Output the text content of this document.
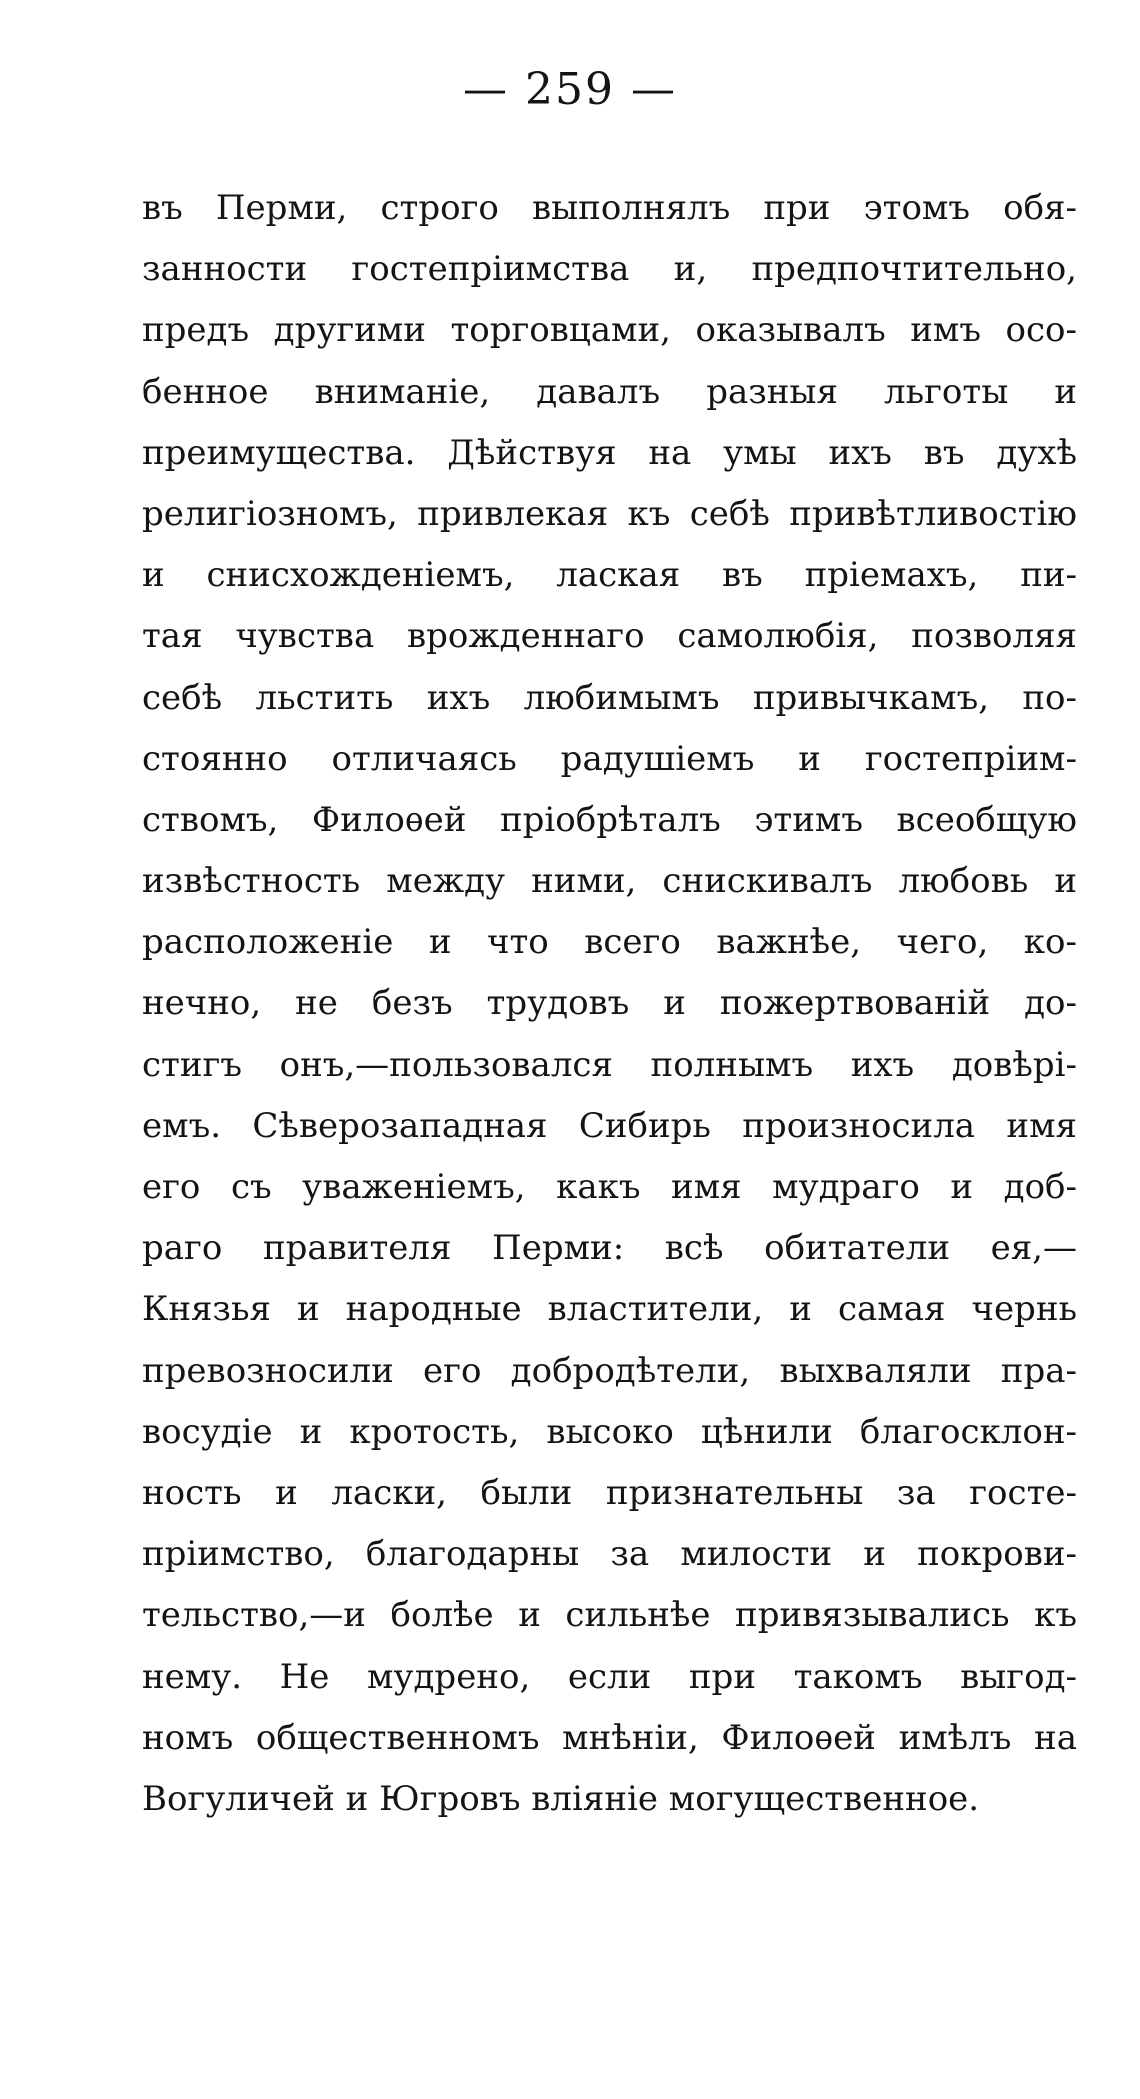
— 259 —
въ Перми, строго выполнялъ при этомъ обя-
занности гостепріимства и, предпочтительно,
предъ другими торговцами, оказывалъ имъ осо-
бенное вниманіе, давалъ разныя льготы и
преимущества. Дѣйствуя на умы ихъ въ духѣ
религіозномъ, привлекая къ себѣ привѣтливостію
и снисхожденіемъ, лаская въ пріемахъ, пи-
тая чувства врожденнаго самолюбія, позволяя
себѣ льстить ихъ любимымъ привычкамъ, по-
стоянно отличаясь радушіемъ и гостепріим-
ствомъ, Филоѳей пріобрѣталъ этимъ всеобщую
извѣстность между ними, снискивалъ любовь и
расположеніе и что всего важнѣе, чего, ко-
нечно, не безъ трудовъ и пожертвованій до-
стигъ онъ,—пользовался полнымъ ихъ довѣрі-
емъ. Сѣверозападная Сибирь произносила имя
его съ уваженіемъ, какъ имя мудраго и доб-
раго правителя Перми: всѣ обитатели ея,—
Князья и народные властители, и самая чернь
превозносили его добродѣтели, выхваляли пра-
восудіе и кротость, высоко цѣнили благосклон-
ность и ласки, были признательны за госте-
пріимство, благодарны за милости и покрови-
тельство,—и болѣе и сильнѣе привязывались къ
нему. Не мудрено, если при такомъ выгод-
номъ общественномъ мнѣніи, Филоѳей имѣлъ на
Вогуличей и Югровъ вліяніе могущественное.
